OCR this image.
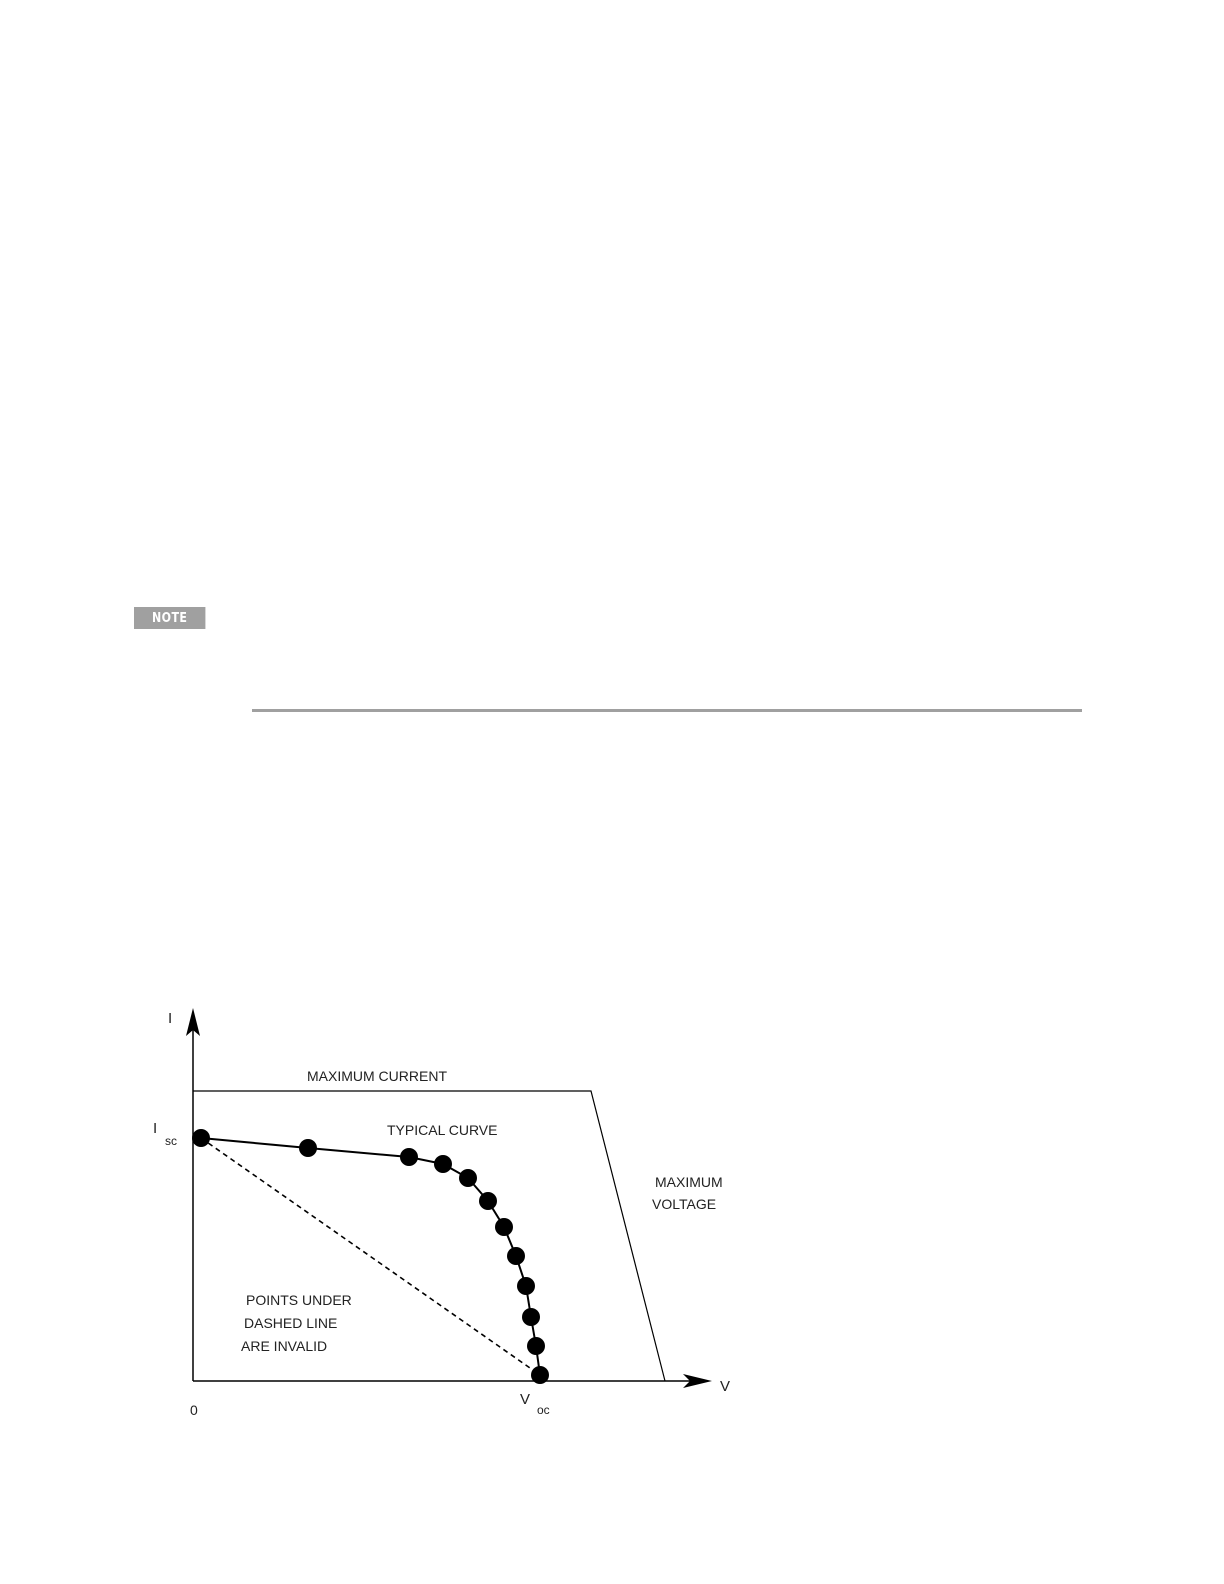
NOTE
I
V
0
I
sc
V
oc
MAXIMUM CURRENT
TYPICAL CURVE
MAXIMUM
VOLTAGE
POINTS UNDER
DASHED LINE
ARE INVALID
